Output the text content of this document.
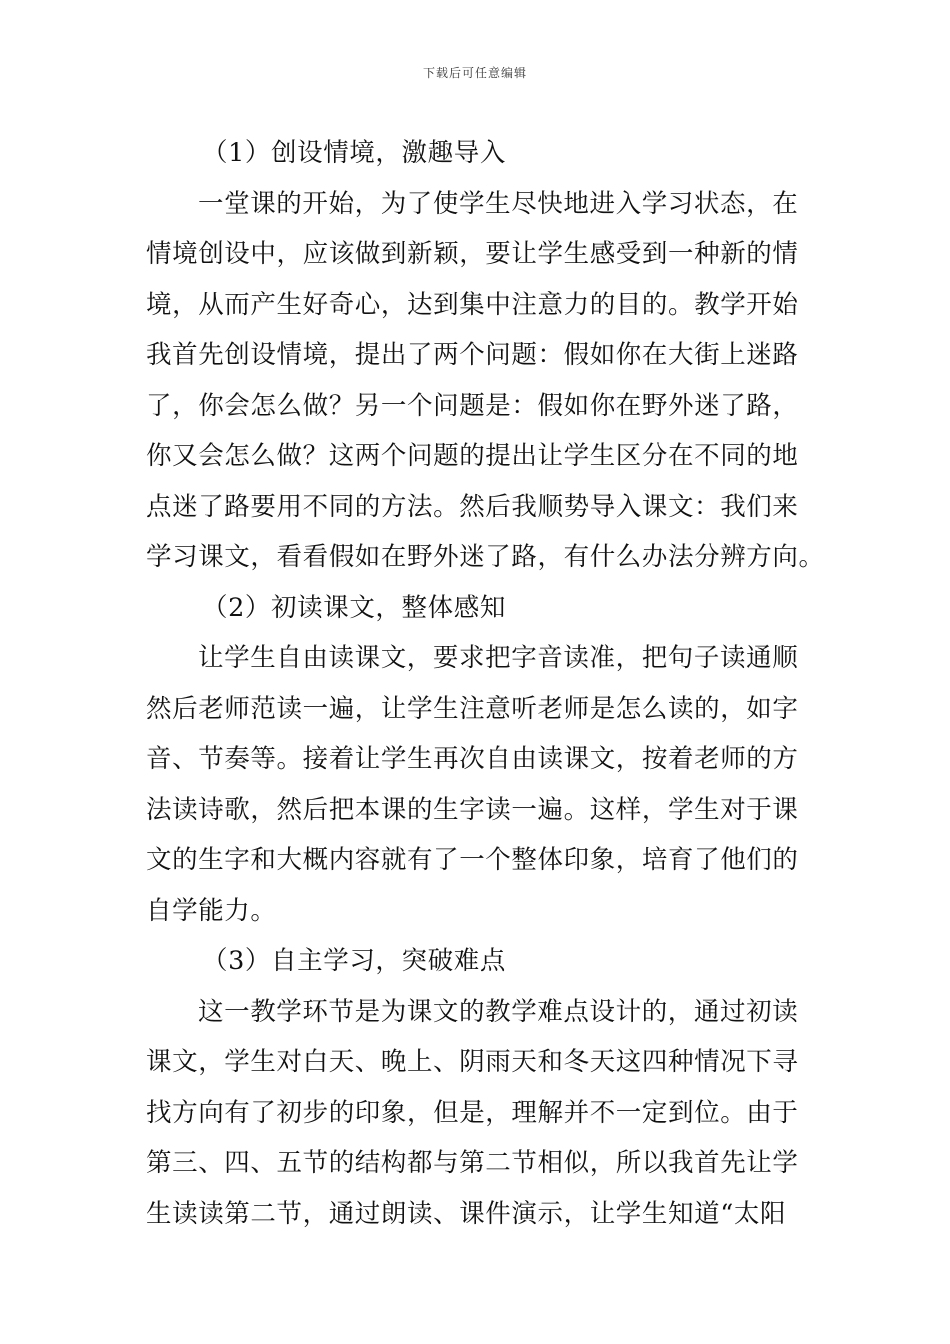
下载后可任意编辑
（1）创设情境，激趣导入
一堂课的开始，为了使学生尽快地进入学习状态，在
情境创设中，应该做到新颖，要让学生感受到一种新的情
境，从而产生好奇心，达到集中注意力的目的。教学开始
我首先创设情境，提出了两个问题：假如你在大街上迷路
了，你会怎么做？另一个问题是：假如你在野外迷了路，
你又会怎么做？这两个问题的提出让学生区分在不同的地
点迷了路要用不同的方法。然后我顺势导入课文：我们来
学习课文，看看假如在野外迷了路，有什么办法分辨方向。
（2）初读课文，整体感知
让学生自由读课文，要求把字音读准，把句子读通顺
然后老师范读一遍，让学生注意听老师是怎么读的，如字
音、节奏等。接着让学生再次自由读课文，按着老师的方
法读诗歌，然后把本课的生字读一遍。这样，学生对于课
文的生字和大概内容就有了一个整体印象，培育了他们的
自学能力。
（3）自主学习，突破难点
这一教学环节是为课文的教学难点设计的，通过初读
课文，学生对白天、晚上、阴雨天和冬天这四种情况下寻
找方向有了初步的印象，但是，理解并不一定到位。由于
第三、四、五节的结构都与第二节相似，所以我首先让学
生读读第二节，通过朗读、课件演示，让学生知道“太阳
